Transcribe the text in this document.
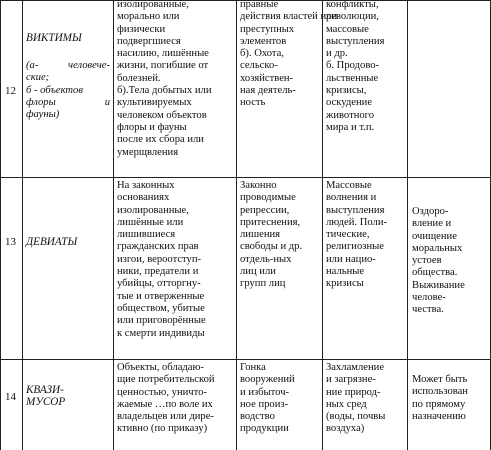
12
ВИКТИМЫ
(а- человече-
ские;
б - объектов
флоры и
фауны)
изолированные,
морально или
физически
подвергшиеся
насилию, лишённые
жизни, погибшие от
болезней.
б).Тела добытых или
культивируемых
человеком объектов
флоры и фауны
после их сбора или
умерщвления
правные
действия властей или
преступных
элементов
б). Охота,
сельско-
хозяйствен-
ная деятель-
ность
конфликты,
революции,
массовые
выступления
и др.
б. Продово-
льственные
кризисы,
оскудение
животного
мира и т.п.
13 ДЕВИАТЫ
На законных
основаниях
изолированные,
лишённые или
лишившиеся
гражданских прав
изгои, вероотступ-
ники, предатели и
убийцы, отторгну-
тые и отверженные
обществом, убитые
или приговорённые
к смерти индивиды
Законно
проводимые
репрессии,
притеснения,
лишения
свободы и др.
отдель-ных
лиц или
групп лиц
Массовые
волнения и
выступления
людей. Поли-
тические,
религиозные
или нацио-
нальные
кризисы
Оздоро-
вление и
очищение
моральных
устоев
общества.
Выживание
челове-
чества.
14
КВАЗИ-
МУСОР
Объекты, обладаю-
щие потребительской
ценностью, уничто-
жаемые …по воле их
владельцев или дире-
ктивно (по приказу)
Гонка
вооружений
и избыточ-
ное произ-
водство
продукции
Захламление
и загрязне-
ние природ-
ных сред
(воды, почвы
воздуха)
Может быть
использован
по прямому
назначению
